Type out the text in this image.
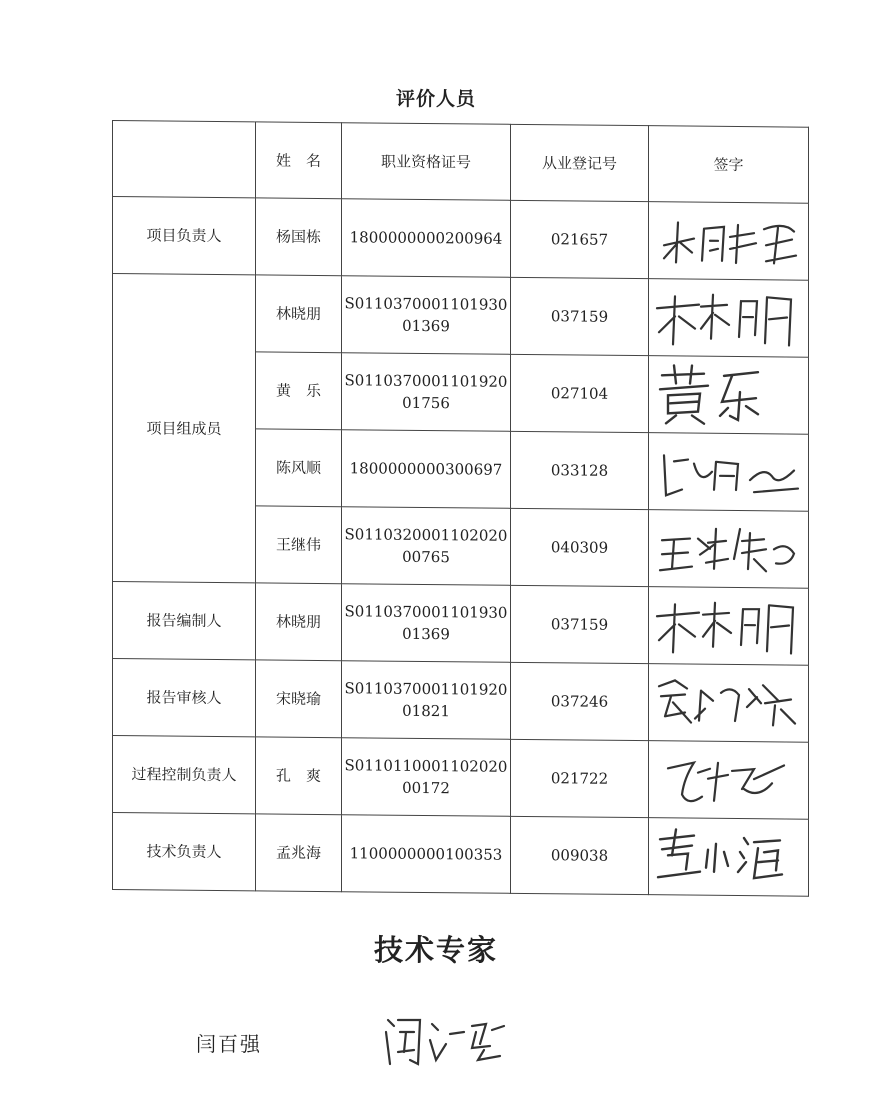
评价人员
	姓　名	职业资格证号	从业登记号	签字
项目负责人	杨国栋	1800000000200964	021657	

项目组成员	林晓朋	S0110370001101930
01369	037159	

	黄　乐	S0110370001101920
01756	027104	

	陈风顺	1800000000300697	033128	

	王继伟	S0110320001102020
00765	040309	

报告编制人	林晓朋	S0110370001101930
01369	037159	

报告审核人	宋晓瑜	S0110370001101920
01821	037246	

过程控制负责人	孔　爽	S0110110001102020
00172	021722	

技术负责人	孟兆海	1100000000100353	009038	
技术专家
闫百强
